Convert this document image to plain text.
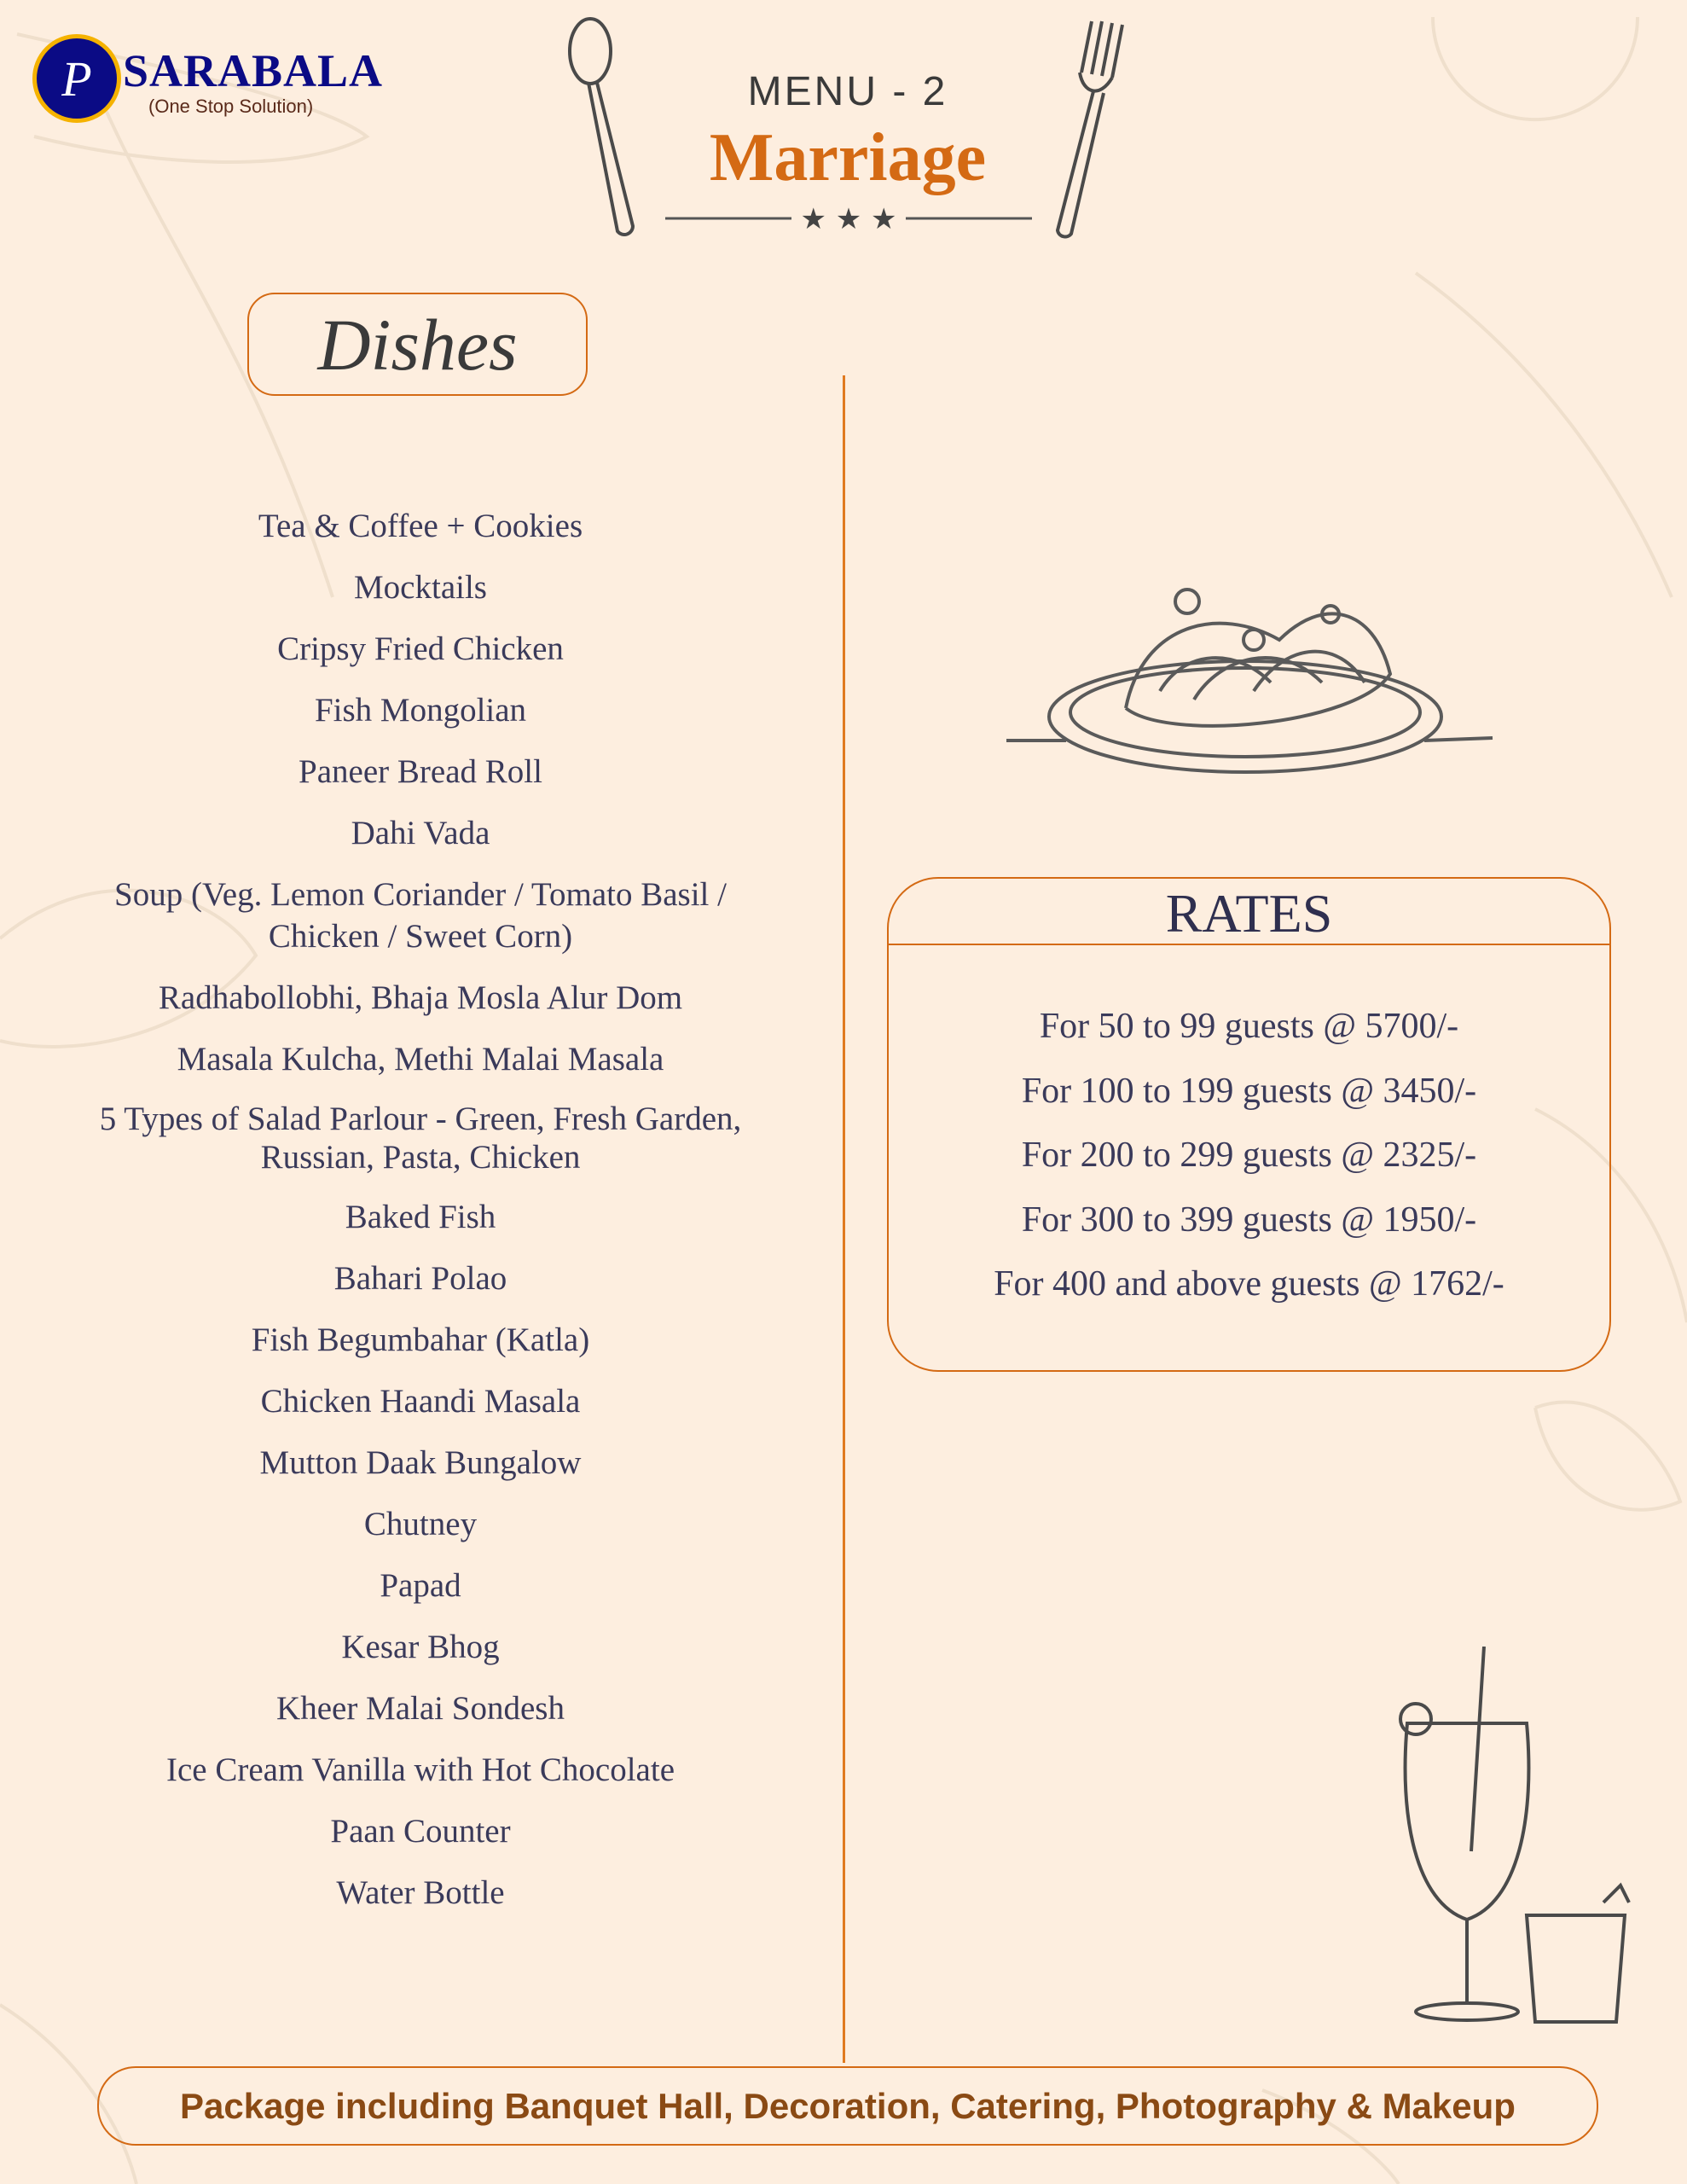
P SARABALA
(One Stop Solution)	MENU - 2
Marriage
★ ★ ★
Dishes
Tea & Coffee + Cookies
Mocktails
Cripsy Fried Chicken
Fish Mongolian
Paneer Bread Roll
Dahi Vada
Soup (Veg. Lemon Coriander / Tomato Basil / Chicken / Sweet Corn)
Radhabollobhi, Bhaja Mosla Alur Dom
Masala Kulcha, Methi Malai Masala
5 Types of Salad Parlour - Green, Fresh Garden, Russian, Pasta, Chicken
Baked Fish
Bahari Polao
Fish Begumbahar (Katla)
Chicken Haandi Masala
Mutton Daak Bungalow
Chutney
Papad
Kesar Bhog
Kheer Malai Sondesh
Ice Cream Vanilla with Hot Chocolate
Paan Counter
Water Bottle
RATES
For 50 to 99 guests @ 5700/-
For 100 to 199 guests @ 3450/-
For 200 to 299 guests @ 2325/-
For 300 to 399 guests @ 1950/-
For 400 and above guests @ 1762/-
Package including Banquet Hall, Decoration, Catering, Photography & Makeup
